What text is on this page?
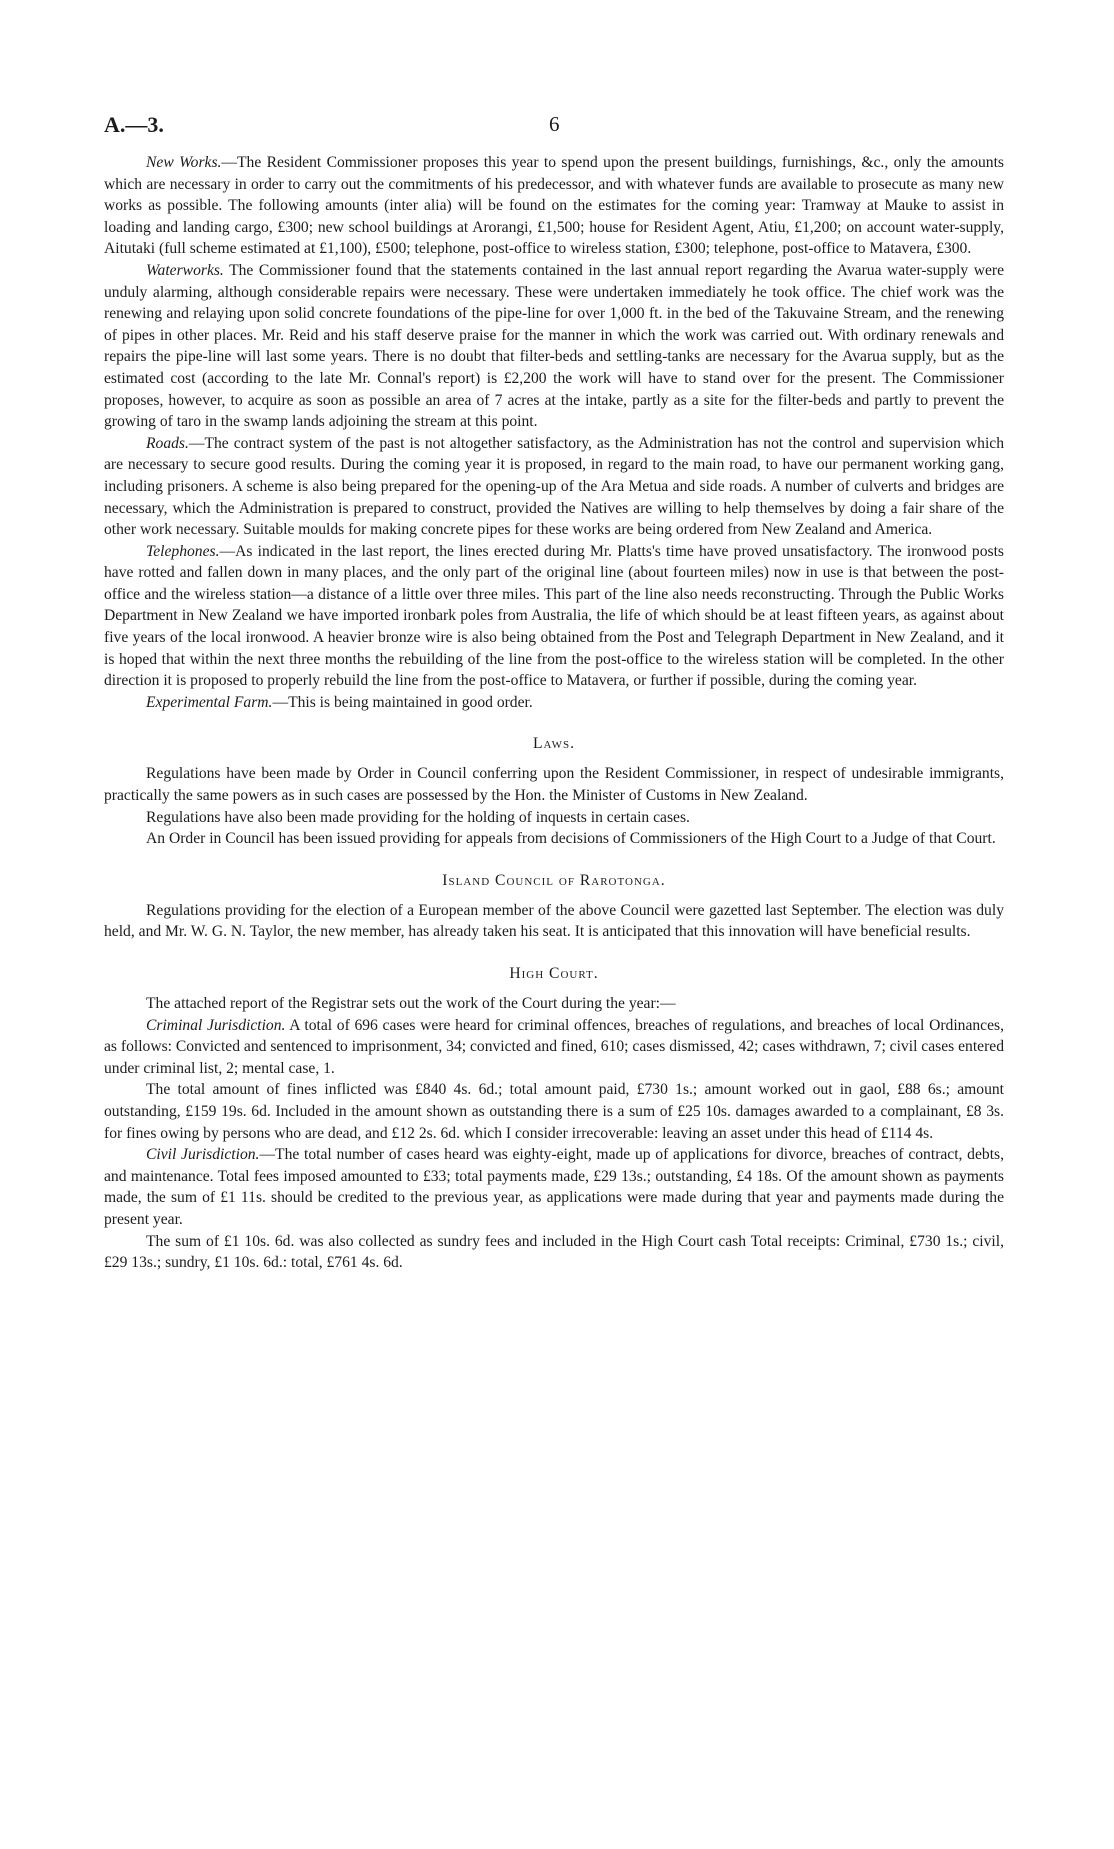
A.—3.	6

New Works.—The Resident Commissioner proposes this year to spend upon the present buildings, furnishings, &c., only the amounts which are necessary in order to carry out the commitments of his predecessor, and with whatever funds are available to prosecute as many new works as possible. The following amounts (inter alia) will be found on the estimates for the coming year: Tramway at Mauke to assist in loading and landing cargo, £300; new school buildings at Arorangi, £1,500; house for Resident Agent, Atiu, £1,200; on account water-supply, Aitutaki (full scheme estimated at £1,100), £500; telephone, post-office to wireless station, £300; telephone, post-office to Matavera, £300.

Waterworks. The Commissioner found that the statements contained in the last annual report regarding the Avarua water-supply were unduly alarming, although considerable repairs were necessary. These were undertaken immediately he took office. The chief work was the renewing and relaying upon solid concrete foundations of the pipe-line for over 1,000 ft. in the bed of the Takuvaine Stream, and the renewing of pipes in other places. Mr. Reid and his staff deserve praise for the manner in which the work was carried out. With ordinary renewals and repairs the pipe-line will last some years. There is no doubt that filter-beds and settling-tanks are necessary for the Avarua supply, but as the estimated cost (according to the late Mr. Connal's report) is £2,200 the work will have to stand over for the present. The Commissioner proposes, however, to acquire as soon as possible an area of 7 acres at the intake, partly as a site for the filter-beds and partly to prevent the growing of taro in the swamp lands adjoining the stream at this point.

Roads.—The contract system of the past is not altogether satisfactory, as the Administration has not the control and supervision which are necessary to secure good results. During the coming year it is proposed, in regard to the main road, to have our permanent working gang, including prisoners. A scheme is also being prepared for the opening-up of the Ara Metua and side roads. A number of culverts and bridges are necessary, which the Administration is prepared to construct, provided the Natives are willing to help themselves by doing a fair share of the other work necessary. Suitable moulds for making concrete pipes for these works are being ordered from New Zealand and America.

Telephones.—As indicated in the last report, the lines erected during Mr. Platts's time have proved unsatisfactory. The ironwood posts have rotted and fallen down in many places, and the only part of the original line (about fourteen miles) now in use is that between the post-office and the wireless station—a distance of a little over three miles. This part of the line also needs reconstructing. Through the Public Works Department in New Zealand we have imported ironbark poles from Australia, the life of which should be at least fifteen years, as against about five years of the local ironwood. A heavier bronze wire is also being obtained from the Post and Telegraph Department in New Zealand, and it is hoped that within the next three months the rebuilding of the line from the post-office to the wireless station will be completed. In the other direction it is proposed to properly rebuild the line from the post-office to Matavera, or further if possible, during the coming year.

Experimental Farm.—This is being maintained in good order.

Laws.

Regulations have been made by Order in Council conferring upon the Resident Commissioner, in respect of undesirable immigrants, practically the same powers as in such cases are possessed by the Hon. the Minister of Customs in New Zealand.

Regulations have also been made providing for the holding of inquests in certain cases.

An Order in Council has been issued providing for appeals from decisions of Commissioners of the High Court to a Judge of that Court.

Island Council of Rarotonga.

Regulations providing for the election of a European member of the above Council were gazetted last September. The election was duly held, and Mr. W. G. N. Taylor, the new member, has already taken his seat. It is anticipated that this innovation will have beneficial results.

High Court.

The attached report of the Registrar sets out the work of the Court during the year:—

Criminal Jurisdiction. A total of 696 cases were heard for criminal offences, breaches of regulations, and breaches of local Ordinances, as follows: Convicted and sentenced to imprisonment, 34; convicted and fined, 610; cases dismissed, 42; cases withdrawn, 7; civil cases entered under criminal list, 2; mental case, 1.

The total amount of fines inflicted was £840 4s. 6d.; total amount paid, £730 1s.; amount worked out in gaol, £88 6s.; amount outstanding, £159 19s. 6d. Included in the amount shown as outstanding there is a sum of £25 10s. damages awarded to a complainant, £8 3s. for fines owing by persons who are dead, and £12 2s. 6d. which I consider irrecoverable: leaving an asset under this head of £114 4s.

Civil Jurisdiction.—The total number of cases heard was eighty-eight, made up of applications for divorce, breaches of contract, debts, and maintenance. Total fees imposed amounted to £33; total payments made, £29 13s.; outstanding, £4 18s. Of the amount shown as payments made, the sum of £1 11s. should be credited to the previous year, as applications were made during that year and payments made during the present year.

The sum of £1 10s. 6d. was also collected as sundry fees and included in the High Court cash Total receipts: Criminal, £730 1s.; civil, £29 13s.; sundry, £1 10s. 6d.: total, £761 4s. 6d.
